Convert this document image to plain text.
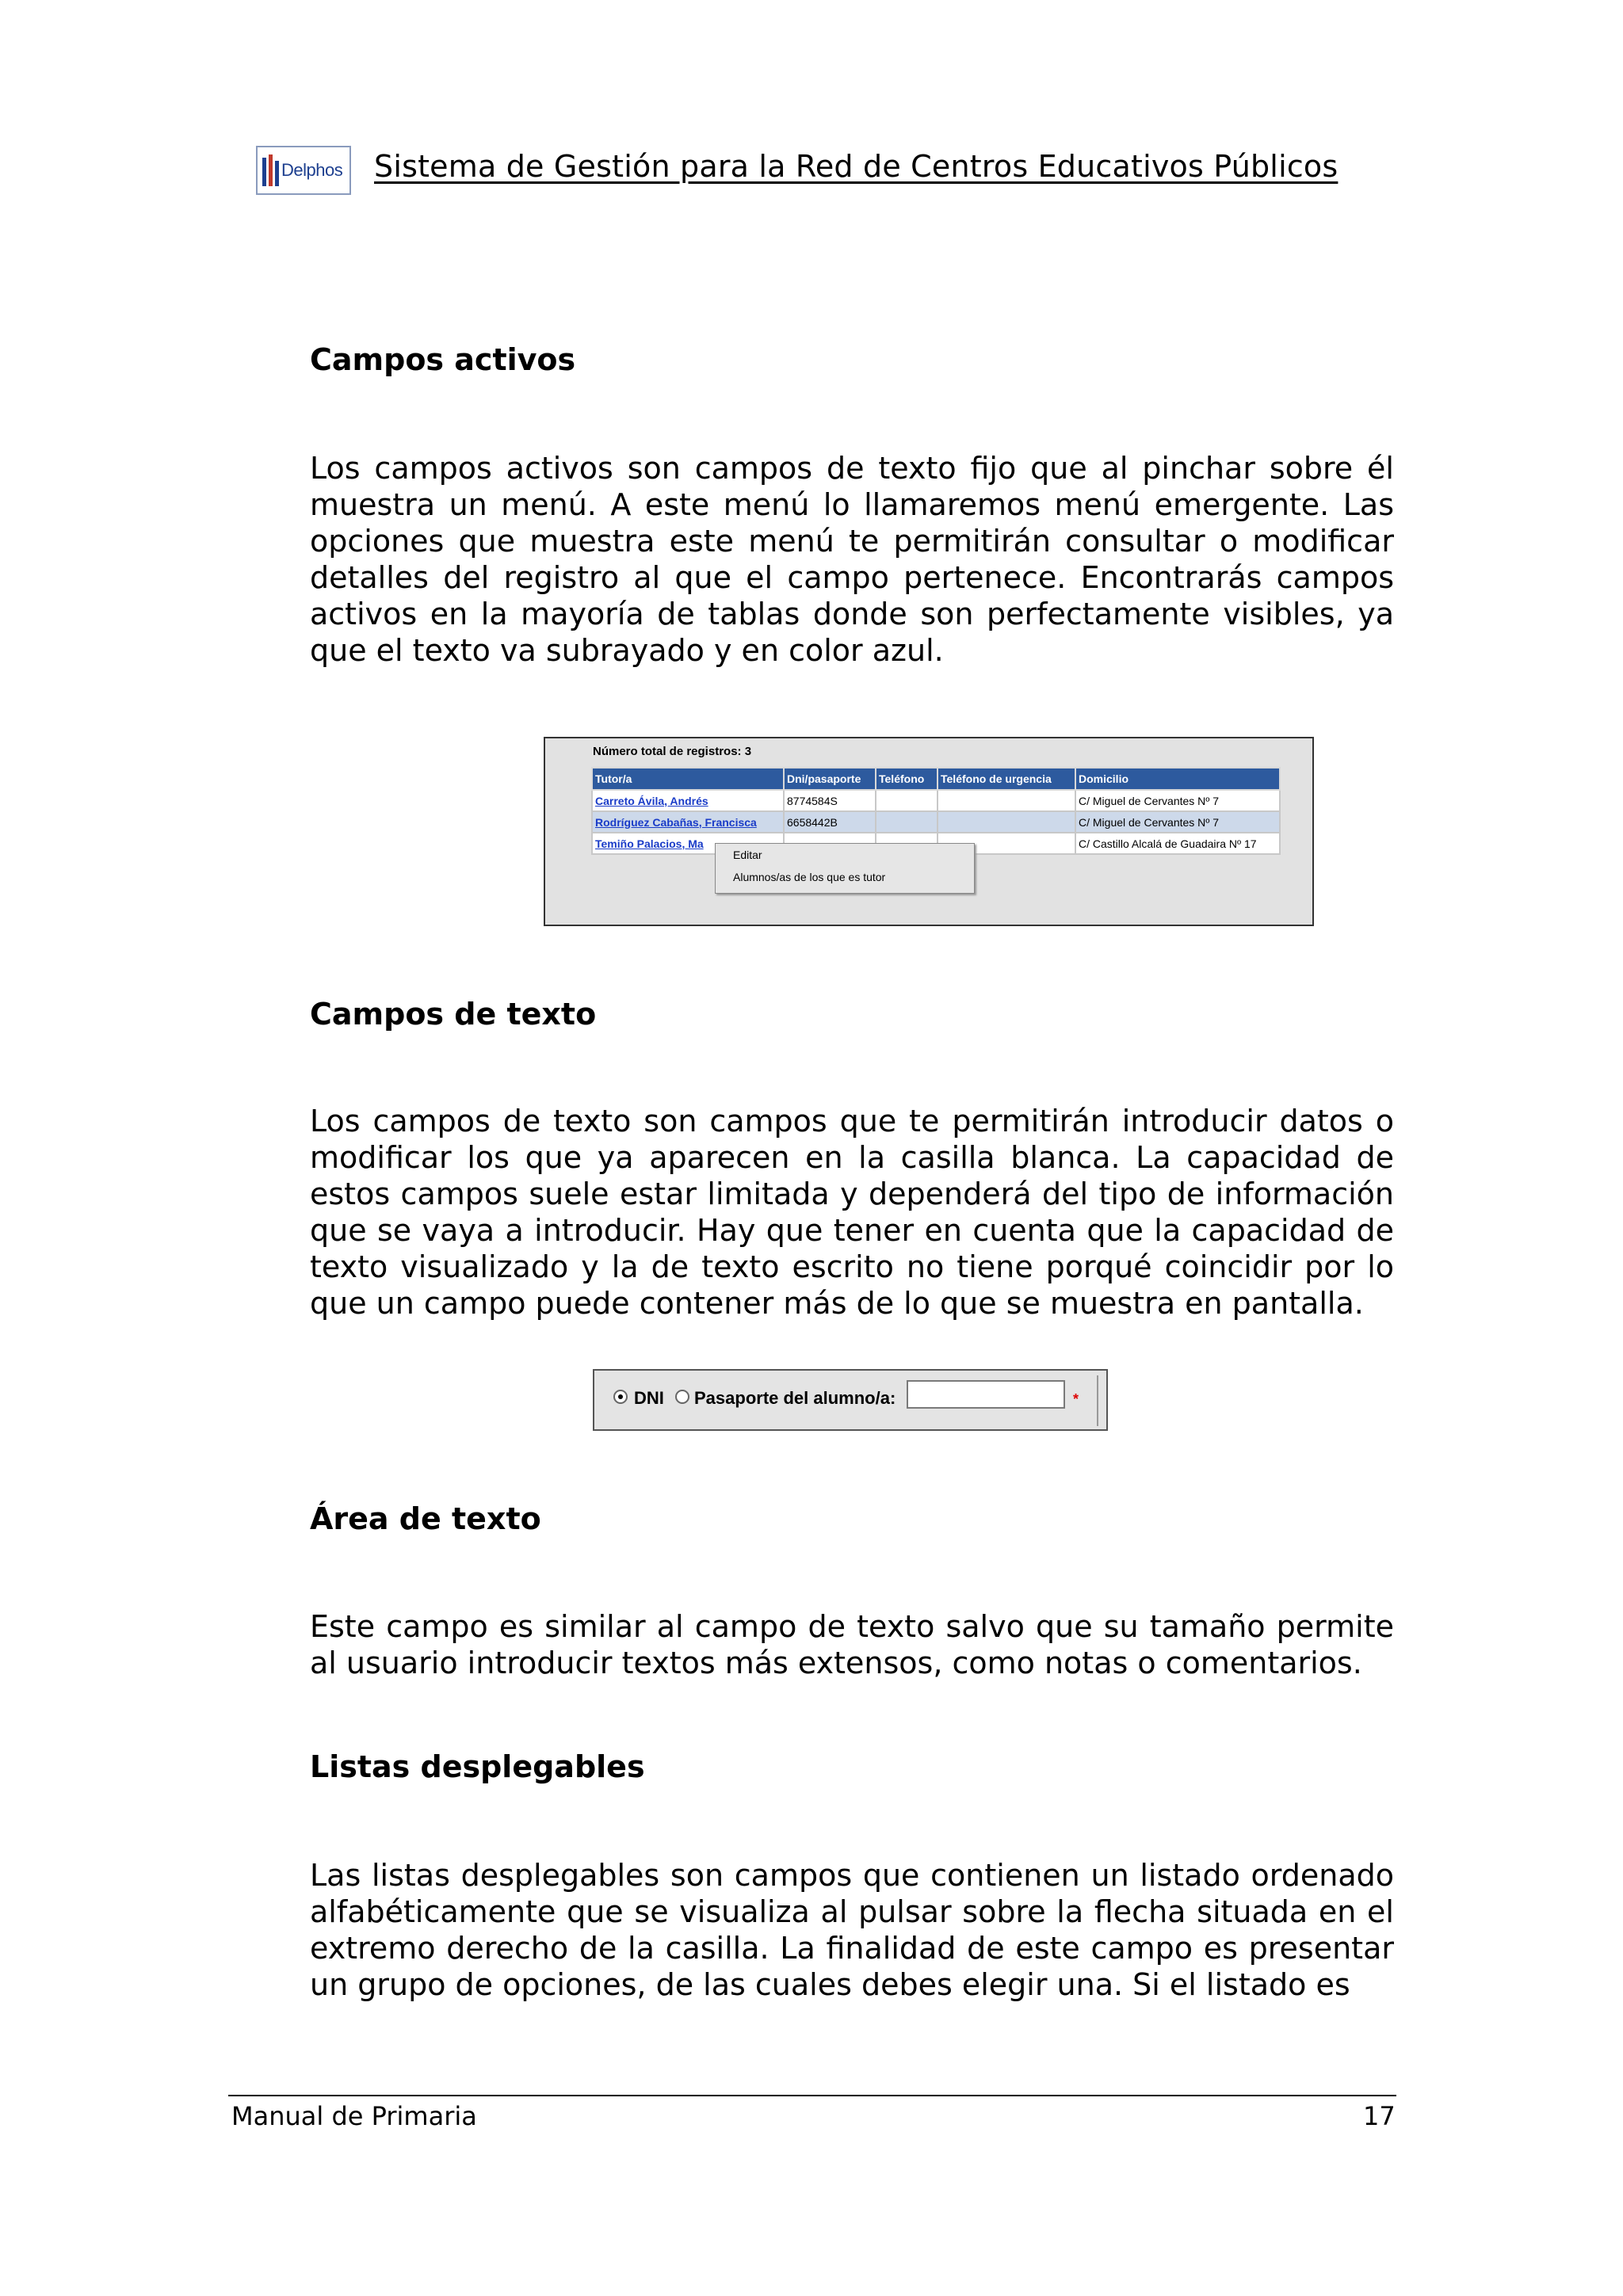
Delphos Sistema de Gestión para la Red de Centros Educativos Públicos
Campos activos
Los campos activos son campos de texto fijo que al pinchar sobre él muestra un menú. A este menú lo llamaremos menú emergente. Las opciones que muestra este menú te permitirán consultar o modificar detalles del registro al que el campo pertenece. Encontrarás campos activos en la mayoría de tablas donde son perfectamente visibles, ya que el texto va subrayado y en color azul.
Número total de registros: 3
Tutor/a	Dni/pasaporte	Teléfono	Teléfono de urgencia	Domicilio
Carreto Ávila, Andrés	8774584S			C/ Miguel de Cervantes Nº 7
Rodríguez Cabañas, Francisca	6658442B			C/ Miguel de Cervantes Nº 7
Temiño Palacios, Ma				C/ Castillo Alcalá de Guadaira Nº 17
Editar
Alumnos/as de los que es tutor
Campos de texto
Los campos de texto son campos que te permitirán introducir datos o modificar los que ya aparecen en la casilla blanca. La capacidad de estos campos suele estar limitada y dependerá del tipo de información que se vaya a introducir. Hay que tener en cuenta que la capacidad de texto visualizado y la de texto escrito no tiene porqué coincidir por lo que un campo puede contener más de lo que se muestra en pantalla.
DNI Pasaporte del alumno/a:	*
Área de texto
Este campo es similar al campo de texto salvo que su tamaño permite al usuario introducir textos más extensos, como notas o comentarios.
Listas desplegables
Las listas desplegables son campos que contienen un listado ordenado alfabéticamente que se visualiza al pulsar sobre la flecha situada en el extremo derecho de la casilla. La finalidad de este campo es presentar un grupo de opciones, de las cuales debes elegir una. Si el listado es
Manual de Primaria	17
